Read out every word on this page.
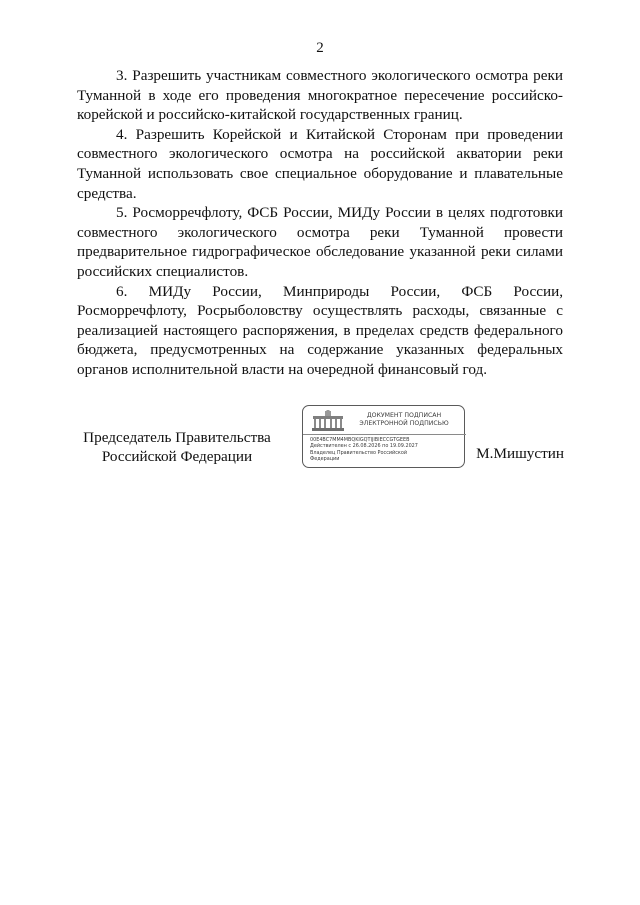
2

3. Разрешить участникам совместного экологического осмотра реки Туманной в ходе его проведения многократное пересечение российско-корейской и российско-китайской государственных границ.

4. Разрешить Корейской и Китайской Сторонам при проведении совместного экологического осмотра на российской акватории реки Туманной использовать свое специальное оборудование и плавательные средства.

5. Росморречфлоту, ФСБ России, МИДу России в целях подготовки совместного экологического осмотра реки Туманной провести предварительное гидрографическое обследование указанной реки силами российских специалистов.

6. МИДу России, Минприроды России, ФСБ России, Росморречфлоту, Росрыболовству осуществлять расходы, связанные с реализацией настоящего распоряжения, в пределах средств федерального бюджета, предусмотренных на содержание указанных федеральных органов исполнительной власти на очередной финансовый год.

Председатель Правительства
Российской Федерации
ДОКУМЕНТ ПОДПИСАН
ЭЛЕКТРОННОЙ ПОДПИСЬЮ
00E4BC7MM4MBQKIGQTIJIBIECCGTGEEB
Действителен с 26.08.2026 по 19.09.2027
Владелец Правительство Российской
Федерации	М.Мишустин
